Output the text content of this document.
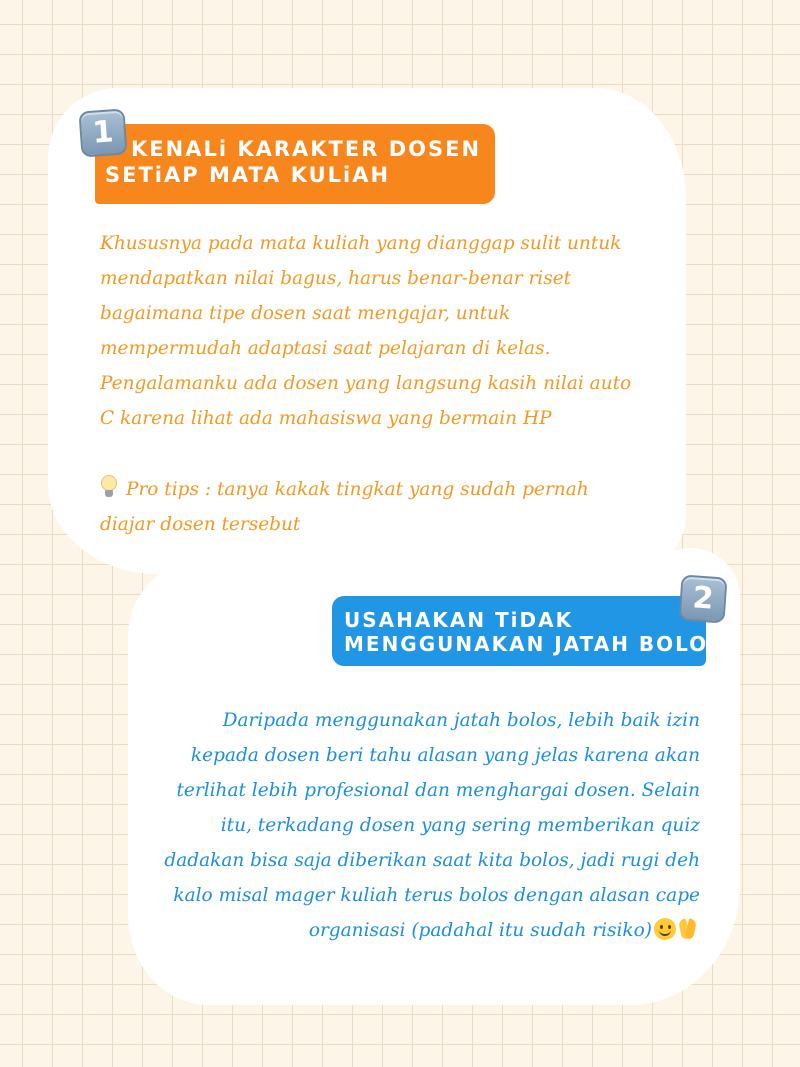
KENALi KARAKTER DOSEN
SETiAP MATA KULiAH
1
Khususnya pada mata kuliah yang dianggap sulit untuk
mendapatkan nilai bagus, harus benar-benar riset
bagaimana tipe dosen saat mengajar, untuk
mempermudah adaptasi saat pelajaran di kelas.
Pengalamanku ada dosen yang langsung kasih nilai auto
C karena lihat ada mahasiswa yang bermain HP
Pro tips : tanya kakak tingkat yang sudah pernah
diajar dosen tersebut
USAHAKAN TiDAK
MENGGUNAKAN JATAH BOLOS
2
Daripada menggunakan jatah bolos, lebih baik izin
kepada dosen beri tahu alasan yang jelas karena akan
terlihat lebih profesional dan menghargai dosen. Selain
itu, terkadang dosen yang sering memberikan quiz
dadakan bisa saja diberikan saat kita bolos, jadi rugi deh
kalo misal mager kuliah terus bolos dengan alasan cape
organisasi (padahal itu sudah risiko)
